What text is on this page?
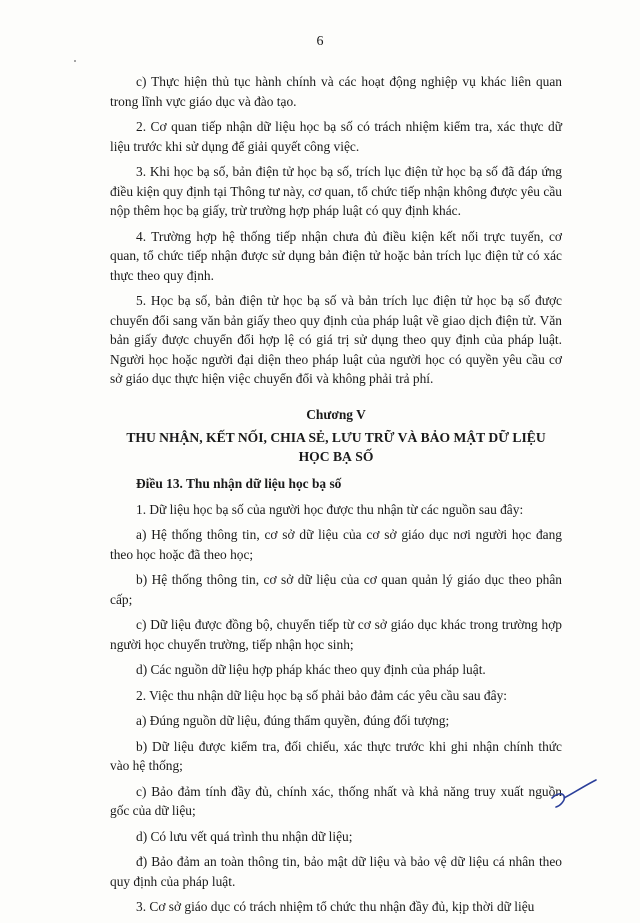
6

c) Thực hiện thủ tục hành chính và các hoạt động nghiệp vụ khác liên quan trong lĩnh vực giáo dục và đào tạo.

2. Cơ quan tiếp nhận dữ liệu học bạ số có trách nhiệm kiểm tra, xác thực dữ liệu trước khi sử dụng để giải quyết công việc.

3. Khi học bạ số, bản điện tử học bạ số, trích lục điện tử học bạ số đã đáp ứng điều kiện quy định tại Thông tư này, cơ quan, tổ chức tiếp nhận không được yêu cầu nộp thêm học bạ giấy, trừ trường hợp pháp luật có quy định khác.

4. Trường hợp hệ thống tiếp nhận chưa đủ điều kiện kết nối trực tuyến, cơ quan, tổ chức tiếp nhận được sử dụng bản điện tử hoặc bản trích lục điện tử có xác thực theo quy định.

5. Học bạ số, bản điện tử học bạ số và bản trích lục điện tử học bạ số được chuyển đổi sang văn bản giấy theo quy định của pháp luật về giao dịch điện tử. Văn bản giấy được chuyển đổi hợp lệ có giá trị sử dụng theo quy định của pháp luật. Người học hoặc người đại diện theo pháp luật của người học có quyền yêu cầu cơ sở giáo dục thực hiện việc chuyển đổi và không phải trả phí.

Chương V
THU NHẬN, KẾT NỐI, CHIA SẺ, LƯU TRỮ VÀ BẢO MẬT DỮ LIỆU
HỌC BẠ SỐ

Điều 13. Thu nhận dữ liệu học bạ số

1. Dữ liệu học bạ số của người học được thu nhận từ các nguồn sau đây:

a) Hệ thống thông tin, cơ sở dữ liệu của cơ sở giáo dục nơi người học đang theo học hoặc đã theo học;

b) Hệ thống thông tin, cơ sở dữ liệu của cơ quan quản lý giáo dục theo phân cấp;

c) Dữ liệu được đồng bộ, chuyển tiếp từ cơ sở giáo dục khác trong trường hợp người học chuyển trường, tiếp nhận học sinh;

d) Các nguồn dữ liệu hợp pháp khác theo quy định của pháp luật.

2. Việc thu nhận dữ liệu học bạ số phải bảo đảm các yêu cầu sau đây:

a) Đúng nguồn dữ liệu, đúng thẩm quyền, đúng đối tượng;

b) Dữ liệu được kiểm tra, đối chiếu, xác thực trước khi ghi nhận chính thức vào hệ thống;

c) Bảo đảm tính đầy đủ, chính xác, thống nhất và khả năng truy xuất nguồn gốc của dữ liệu;

d) Có lưu vết quá trình thu nhận dữ liệu;

đ) Bảo đảm an toàn thông tin, bảo mật dữ liệu và bảo vệ dữ liệu cá nhân theo quy định của pháp luật.

3. Cơ sở giáo dục có trách nhiệm tổ chức thu nhận đầy đủ, kịp thời dữ liệu
